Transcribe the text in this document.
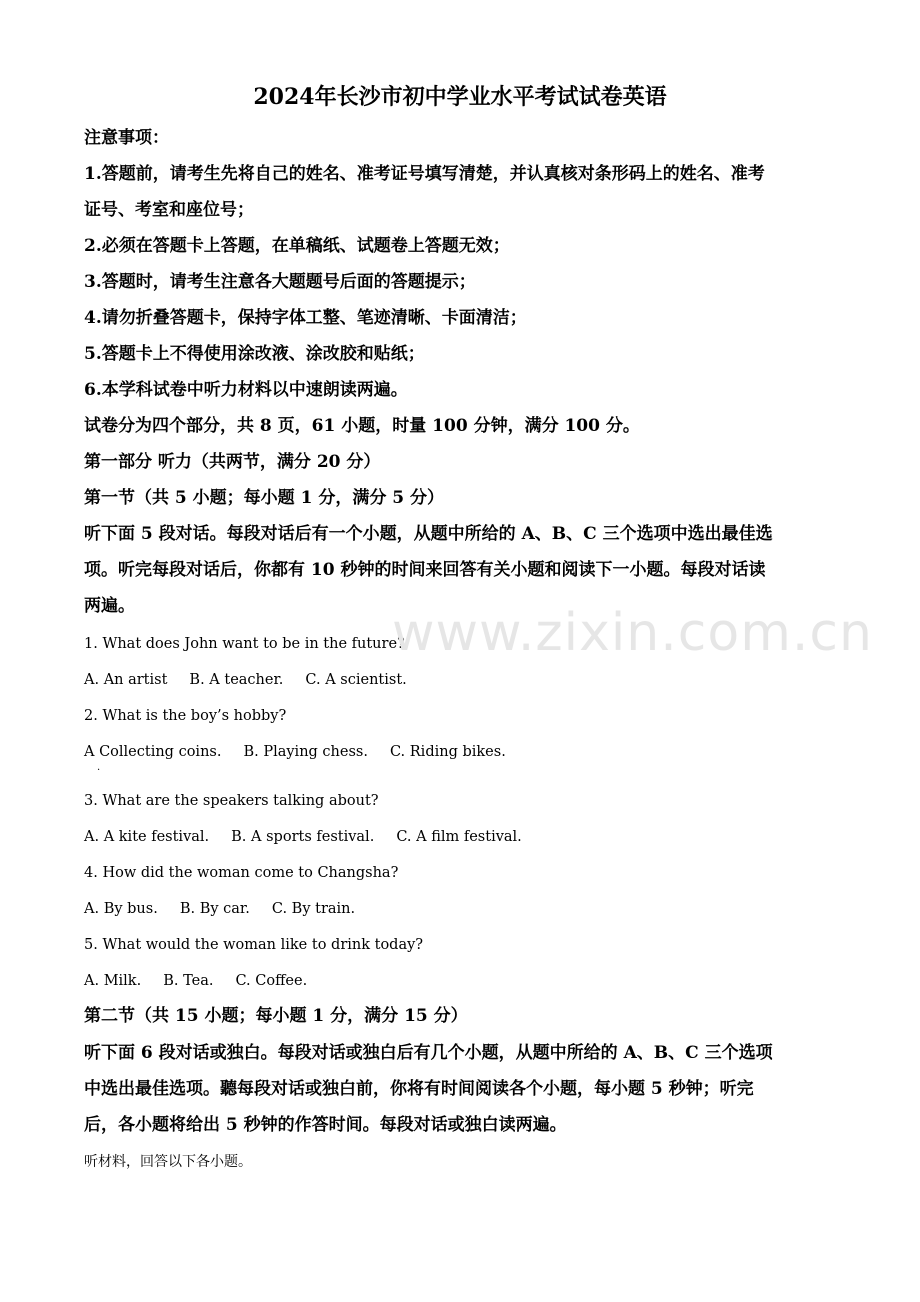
2024年长沙市初中学业水平考试试卷英语
注意事项：
1.答题前，请考生先将自己的姓名、准考证号填写清楚，并认真核对条形码上的姓名、准考
证号、考室和座位号；
2.必须在答题卡上答题，在单稿纸、试题卷上答题无效；
3.答题时，请考生注意各大题题号后面的答题提示；
4.请勿折叠答题卡，保持字体工整、笔迹清晰、卡面清洁；
5.答题卡上不得使用涂改液、涂改胶和贴纸；
6.本学科试卷中听力材料以中速朗读两遍。
试卷分为四个部分，共 8 页，61 小题，时量 100 分钟，满分 100 分。
第一部分 听力（共两节，满分 20 分）
第一节（共 5 小题；每小题 1 分，满分 5 分）
听下面 5 段对话。每段对话后有一个小题，从题中所给的 A、B、C 三个选项中选出最佳选
项。听完每段对话后，你都有 10 秒钟的时间来回答有关小题和阅读下一小题。每段对话读
两遍。
1. What does John want to be in the future?
A. An artist B. A teacher. C. A scientist.
2. What is the boy’s hobby?
A Collecting coins. B. Playing chess. C. Riding bikes.
.
3. What are the speakers talking about?
A. A kite festival. B. A sports festival. C. A film festival.
4. How did the woman come to Changsha?
A. By bus. B. By car. C. By train.
5. What would the woman like to drink today?
A. Milk. B. Tea. C. Coffee.
第二节（共 15 小题；每小题 1 分，满分 15 分）
听下面 6 段对话或独白。每段对话或独白后有几个小题，从题中所给的 A、B、C 三个选项
中选出最佳选项。聽每段对话或独白前，你将有时间阅读各个小题，每小题 5 秒钟；听完
后，各小题将给出 5 秒钟的作答时间。每段对话或独白读两遍。
听材料，回答以下各小题。
www.zixin.com.cn
